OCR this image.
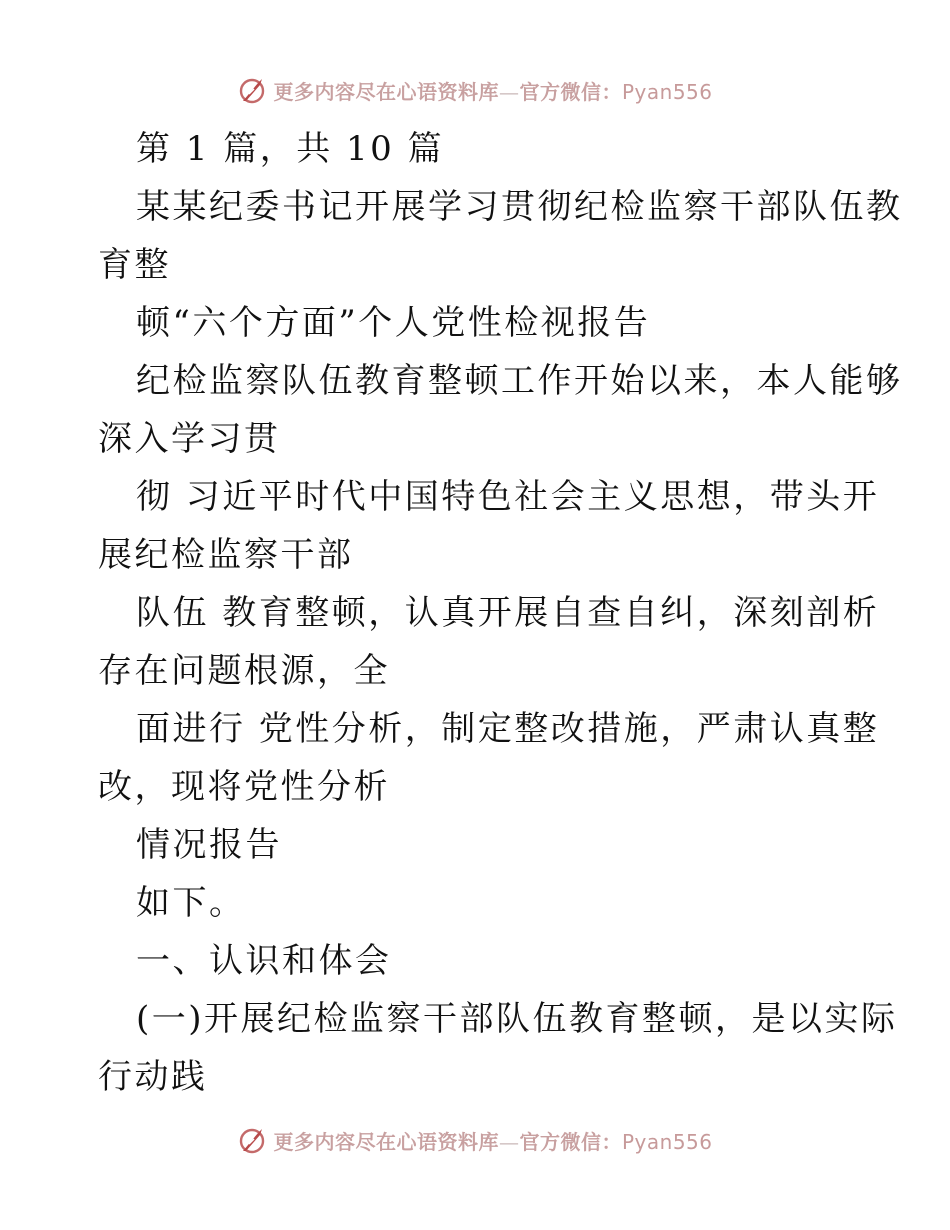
更多内容尽在心语资料库—官方微信：Pyan556
第 1 篇，共 10 篇
某某纪委书记开展学习贯彻纪检监察干部队伍教
育整
顿“六个方面”个人党性检视报告
纪检监察队伍教育整顿工作开始以来，本人能够
深入学习贯
彻 习近平时代中国特色社会主义思想，带头开
展纪检监察干部
队伍 教育整顿，认真开展自查自纠，深刻剖析
存在问题根源，全
面进行 党性分析，制定整改措施，严肃认真整
改，现将党性分析
情况报告
如下。
一、认识和体会
(一)开展纪检监察干部队伍教育整顿，是以实际
行动践
更多内容尽在心语资料库—官方微信：Pyan556
